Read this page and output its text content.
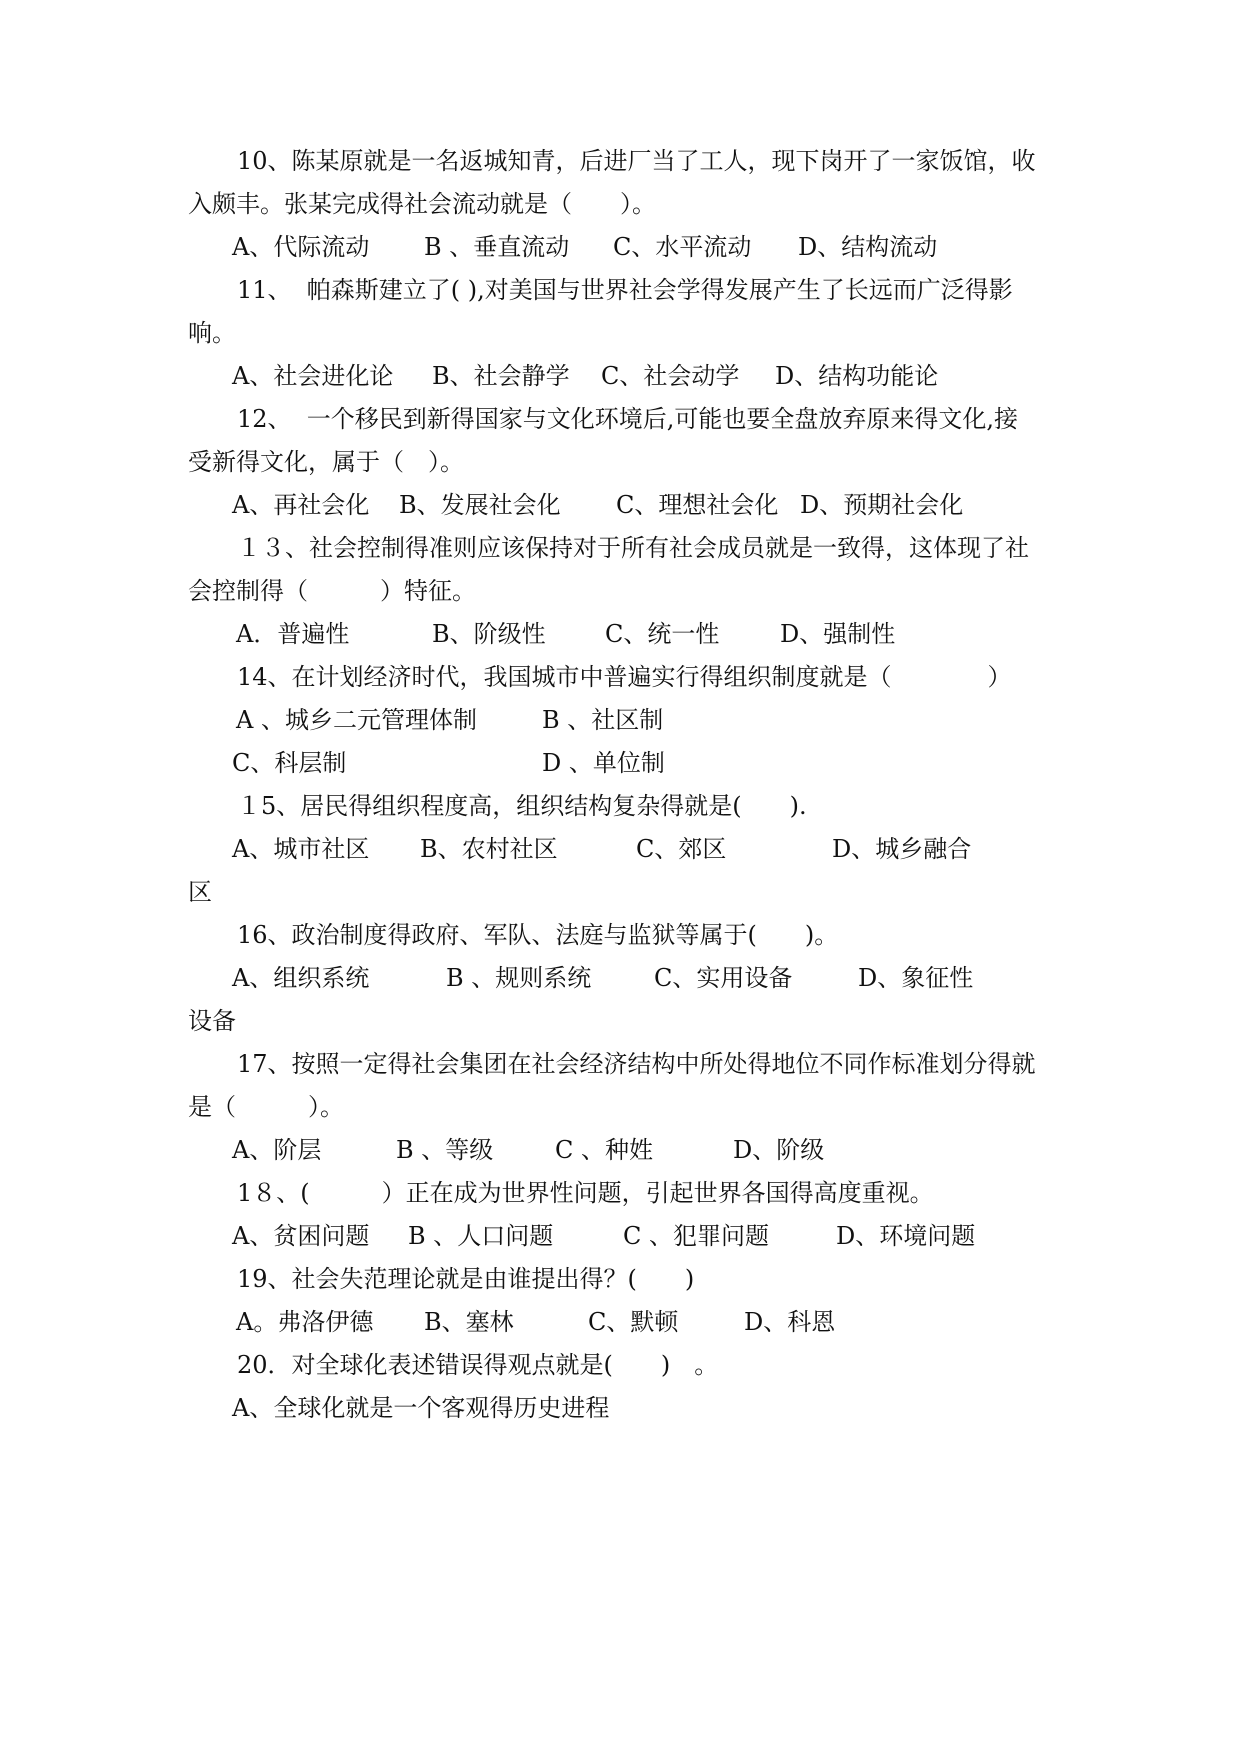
10、陈某原就是一名返城知青，后进厂当了工人，现下岗开了一家饭馆，收
入颇丰。张某完成得社会流动就是（　　）。
A、代际流动 B 、垂直流动 C、水平流动 D、结构流动
11、  帕森斯建立了( ),对美国与世界社会学得发展产生了长远而广泛得影
响。
A、社会进化论 B、社会静学 C、社会动学 D、结构功能论
12、  一个移民到新得国家与文化环境后,可能也要全盘放弃原来得文化,接
受新得文化，属于（　）。
A、再社会化 B、发展社会化 C、理想社会化 D、预期社会化
１３、社会控制得准则应该保持对于所有社会成员就是一致得，这体现了社
会控制得（　　　）特征。
A．普遍性	B、阶级性 C、统一性	D、强制性
14、在计划经济时代，我国城市中普遍实行得组织制度就是（　　　　）
A 、城乡二元管理体制	B 、社区制
C、科层制	D 、单位制
１5、居民得组织程度高，组织结构复杂得就是(　　).
A、城市社区 B、农村社区	C、郊区	D、城乡融合
区
16、政治制度得政府、军队、法庭与监狱等属于(　　)。
A、组织系统	B 、规则系统	C、实用设备	D、象征性
设备
17、按照一定得社会集团在社会经济结构中所处得地位不同作标准划分得就
是（　　　）。
A、阶层	B 、等级	C 、种姓	D、阶级
1８、(　　　）正在成为世界性问题，引起世界各国得高度重视。
A、贫困问题 B 、人口问题	C 、犯罪问题	D、环境问题
19、社会失范理论就是由谁提出得？(　　)
A。弗洛伊德 B、塞林	C、默顿	D、科恩
20．对全球化表述错误得观点就是(　　)　。
A、全球化就是一个客观得历史进程
